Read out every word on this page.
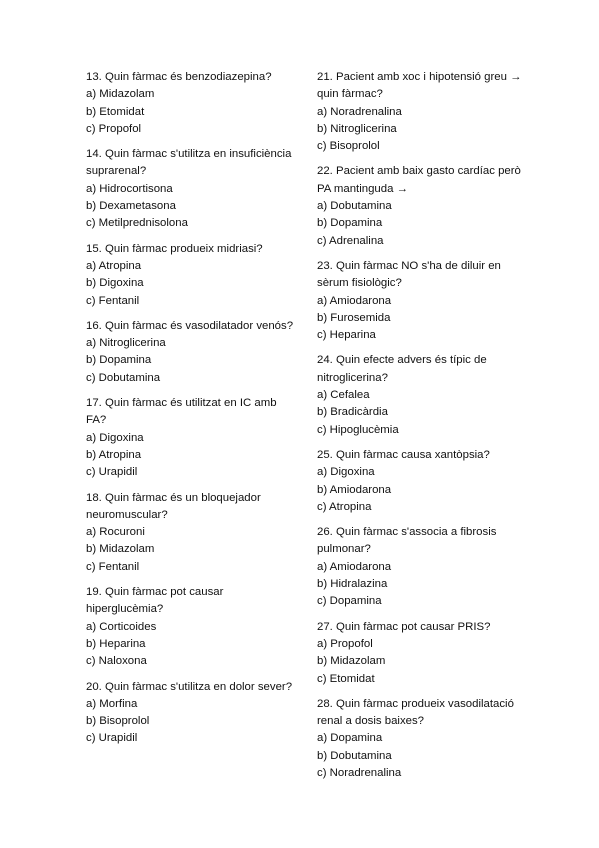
13. Quin fàrmac és benzodiazepina?

a) Midazolam

b) Etomidat

c) Propofol

14. Quin fàrmac s'utilitza en insuficiència suprarenal?

a) Hidrocortisona

b) Dexametasona

c) Metilprednisolona

15. Quin fàrmac produeix midriasi?

a) Atropina

b) Digoxina

c) Fentanil

16. Quin fàrmac és vasodilatador venós?

a) Nitroglicerina

b) Dopamina

c) Dobutamina

17. Quin fàrmac és utilitzat en IC amb FA?

a) Digoxina

b) Atropina

c) Urapidil

18. Quin fàrmac és un bloquejador neuromuscular?

a) Rocuroni

b) Midazolam

c) Fentanil

19. Quin fàrmac pot causar hiperglucèmia?

a) Corticoides

b) Heparina

c) Naloxona

20. Quin fàrmac s'utilitza en dolor sever?

a) Morfina

b) Bisoprolol

c) Urapidil

21. Pacient amb xoc i hipotensió greu → quin fàrmac?

a) Noradrenalina

b) Nitroglicerina

c) Bisoprolol

22. Pacient amb baix gasto cardíac però PA mantinguda →

a) Dobutamina

b) Dopamina

c) Adrenalina

23. Quin fàrmac NO s'ha de diluir en sèrum fisiològic?

a) Amiodarona

b) Furosemida

c) Heparina

24. Quin efecte advers és típic de nitroglicerina?

a) Cefalea

b) Bradicàrdia

c) Hipoglucèmia

25. Quin fàrmac causa xantòpsia?

a) Digoxina

b) Amiodarona

c) Atropina

26. Quin fàrmac s'associa a fibrosis pulmonar?

a) Amiodarona

b) Hidralazina

c) Dopamina

27. Quin fàrmac pot causar PRIS?

a) Propofol

b) Midazolam

c) Etomidat

28. Quin fàrmac produeix vasodilatació renal a dosis baixes?

a) Dopamina

b) Dobutamina

c) Noradrenalina
